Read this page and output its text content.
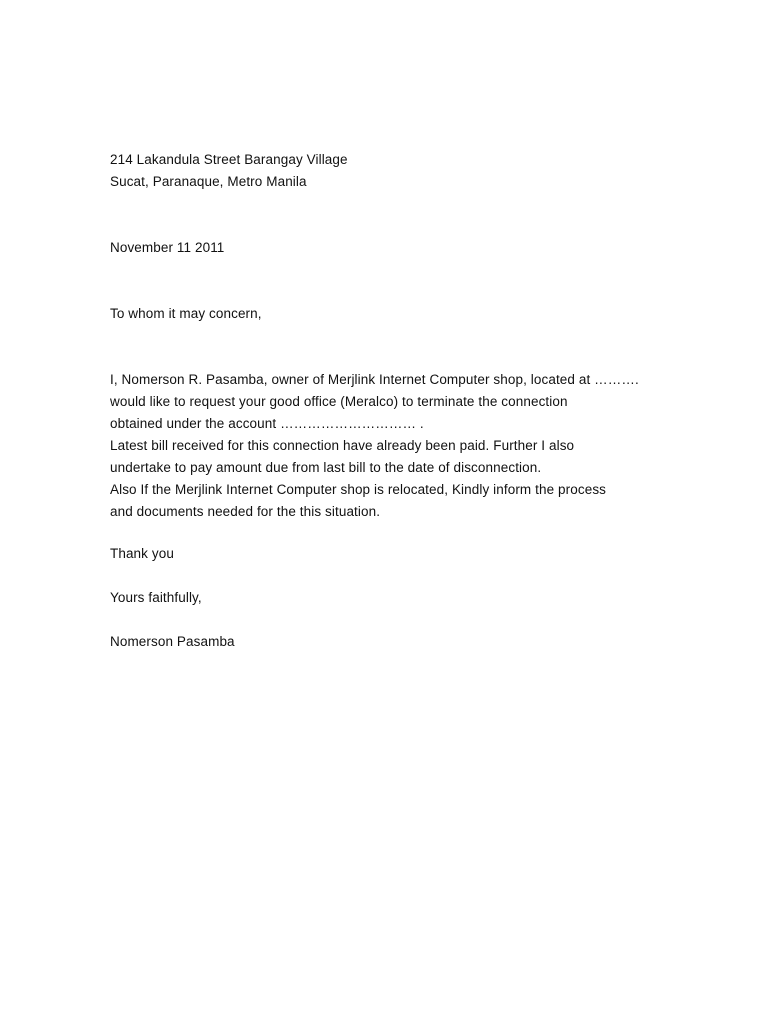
214 Lakandula Street Barangay Village
Sucat, Paranaque, Metro Manila
November 11 2011
To whom it may concern,
I, Nomerson R. Pasamba, owner of Merjlink Internet Computer shop, located at ……….
would like to request your good office (Meralco) to terminate the connection
obtained under the account ………………………… .
Latest bill received for this connection have already been paid. Further I also
undertake to pay amount due from last bill to the date of disconnection.
Also If the Merjlink Internet Computer shop is relocated, Kindly inform the process
and documents needed for the this situation.
Thank you
Yours faithfully,
Nomerson Pasamba
